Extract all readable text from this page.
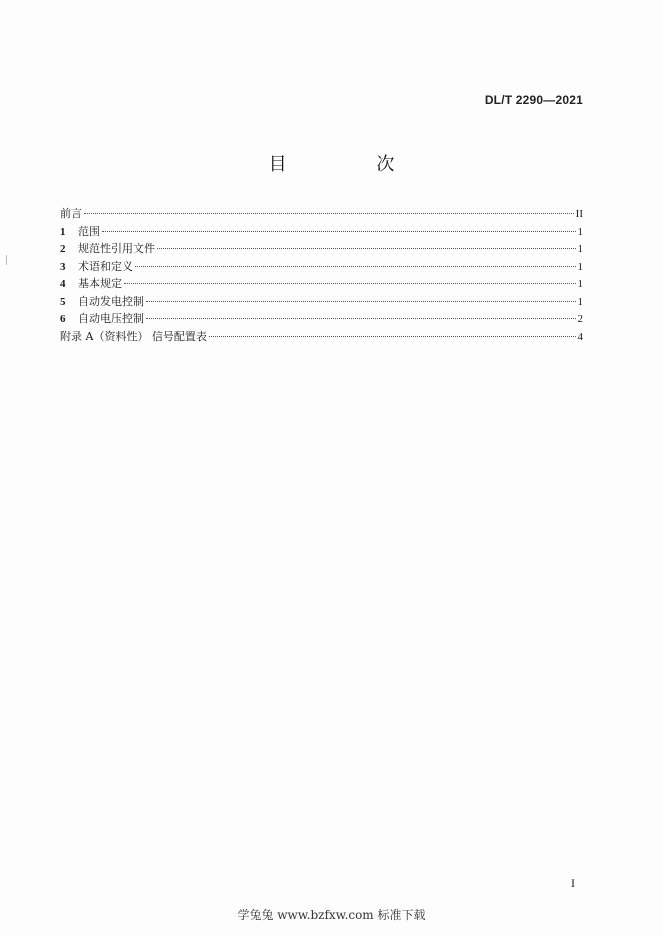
DL/T 2290—2021
目 次
前言	II
1	范围	1
2	规范性引用文件	1
3	术语和定义	1
4	基本规定	1
5	自动发电控制	1
6	自动电压控制	2
附录 A（资料性） 信号配置表	4
I
学兔兔 www.bzfxw.com 标准下载
